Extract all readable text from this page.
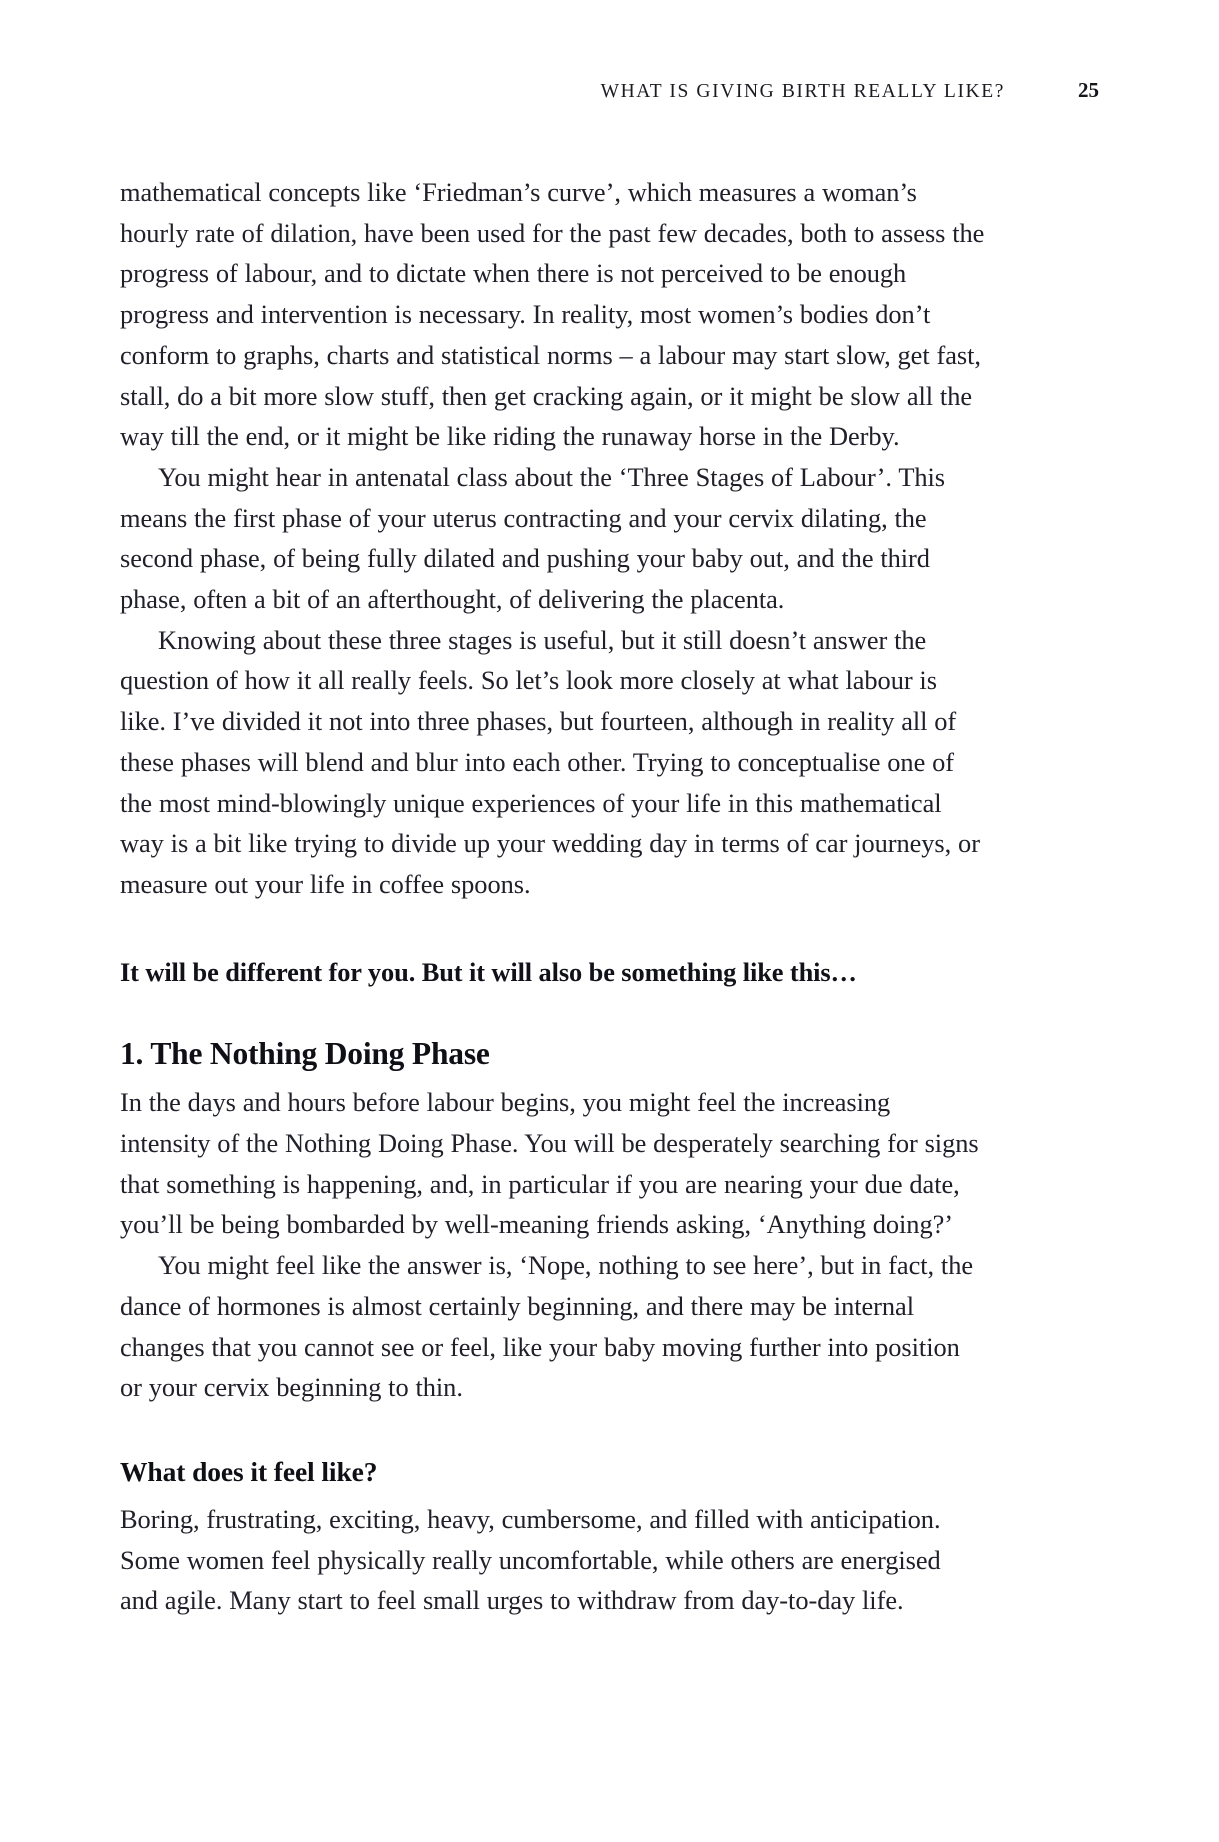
WHAT IS GIVING BIRTH REALLY LIKE?	25

mathematical concepts like ‘Friedman’s curve’, which measures a woman’s hourly rate of dilation, have been used for the past few decades, both to assess the progress of labour, and to dictate when there is not perceived to be enough progress and intervention is necessary. In reality, most women’s bodies don’t conform to graphs, charts and statistical norms – a labour may start slow, get fast, stall, do a bit more slow stuff, then get cracking again, or it might be slow all the way till the end, or it might be like riding the runaway horse in the Derby.

You might hear in antenatal class about the ‘Three Stages of Labour’. This means the first phase of your uterus contracting and your cervix dilating, the second phase, of being fully dilated and pushing your baby out, and the third phase, often a bit of an afterthought, of delivering the placenta.

Knowing about these three stages is useful, but it still doesn’t answer the question of how it all really feels. So let’s look more closely at what labour is like. I’ve divided it not into three phases, but fourteen, although in reality all of these phases will blend and blur into each other. Trying to conceptualise one of the most mind-blowingly unique experiences of your life in this mathematical way is a bit like trying to divide up your wedding day in terms of car journeys, or measure out your life in coffee spoons.

It will be different for you. But it will also be something like this…

1. The Nothing Doing Phase

In the days and hours before labour begins, you might feel the increasing intensity of the Nothing Doing Phase. You will be desperately searching for signs that something is happening, and, in particular if you are nearing your due date, you’ll be being bombarded by well-meaning friends asking, ‘Anything doing?’

You might feel like the answer is, ‘Nope, nothing to see here’, but in fact, the dance of hormones is almost certainly beginning, and there may be internal changes that you cannot see or feel, like your baby moving further into position or your cervix beginning to thin.

What does it feel like?

Boring, frustrating, exciting, heavy, cumbersome, and filled with anticipation. Some women feel physically really uncomfortable, while others are energised and agile. Many start to feel small urges to withdraw from day-to-day life.
